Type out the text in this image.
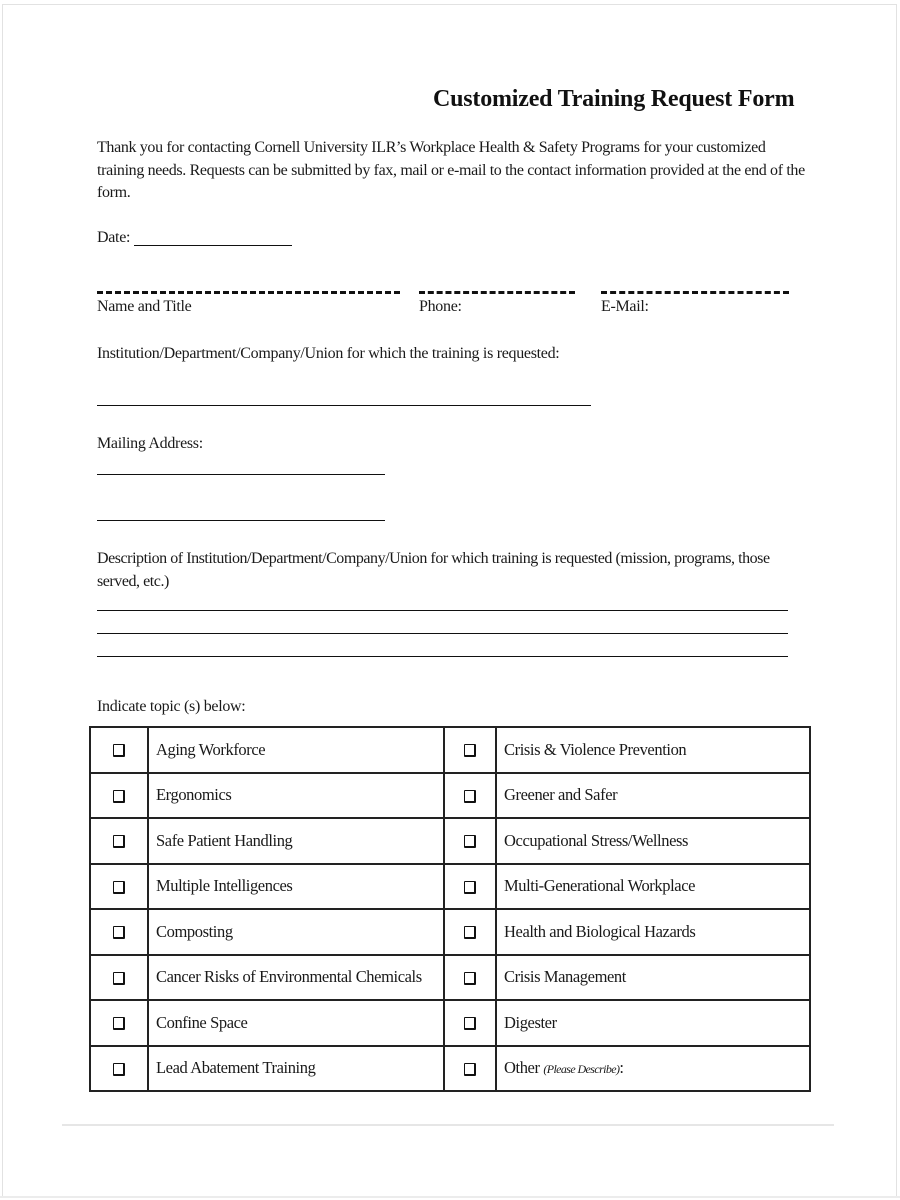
Customized Training Request Form
Thank you for contacting Cornell University ILR’s Workplace Health & Safety Programs for your customized training needs. Requests can be submitted by fax, mail or e-mail to the contact information provided at the end of the form.
Date:
Name and Title	Phone:	E-Mail:
Institution/Department/Company/Union for which the training is requested:
Mailing Address:
Description of Institution/Department/Company/Union for which training is requested (mission, programs, those served, etc.)
Indicate topic (s) below:
	Aging Workforce		Crisis & Violence Prevention
	Ergonomics		Greener and Safer
	Safe Patient Handling		Occupational Stress/Wellness
	Multiple Intelligences		Multi-Generational Workplace
	Composting		Health and Biological Hazards
	Cancer Risks of Environmental Chemicals		Crisis Management
	Confine Space		Digester
	Lead Abatement Training		Other (Please Describe):
